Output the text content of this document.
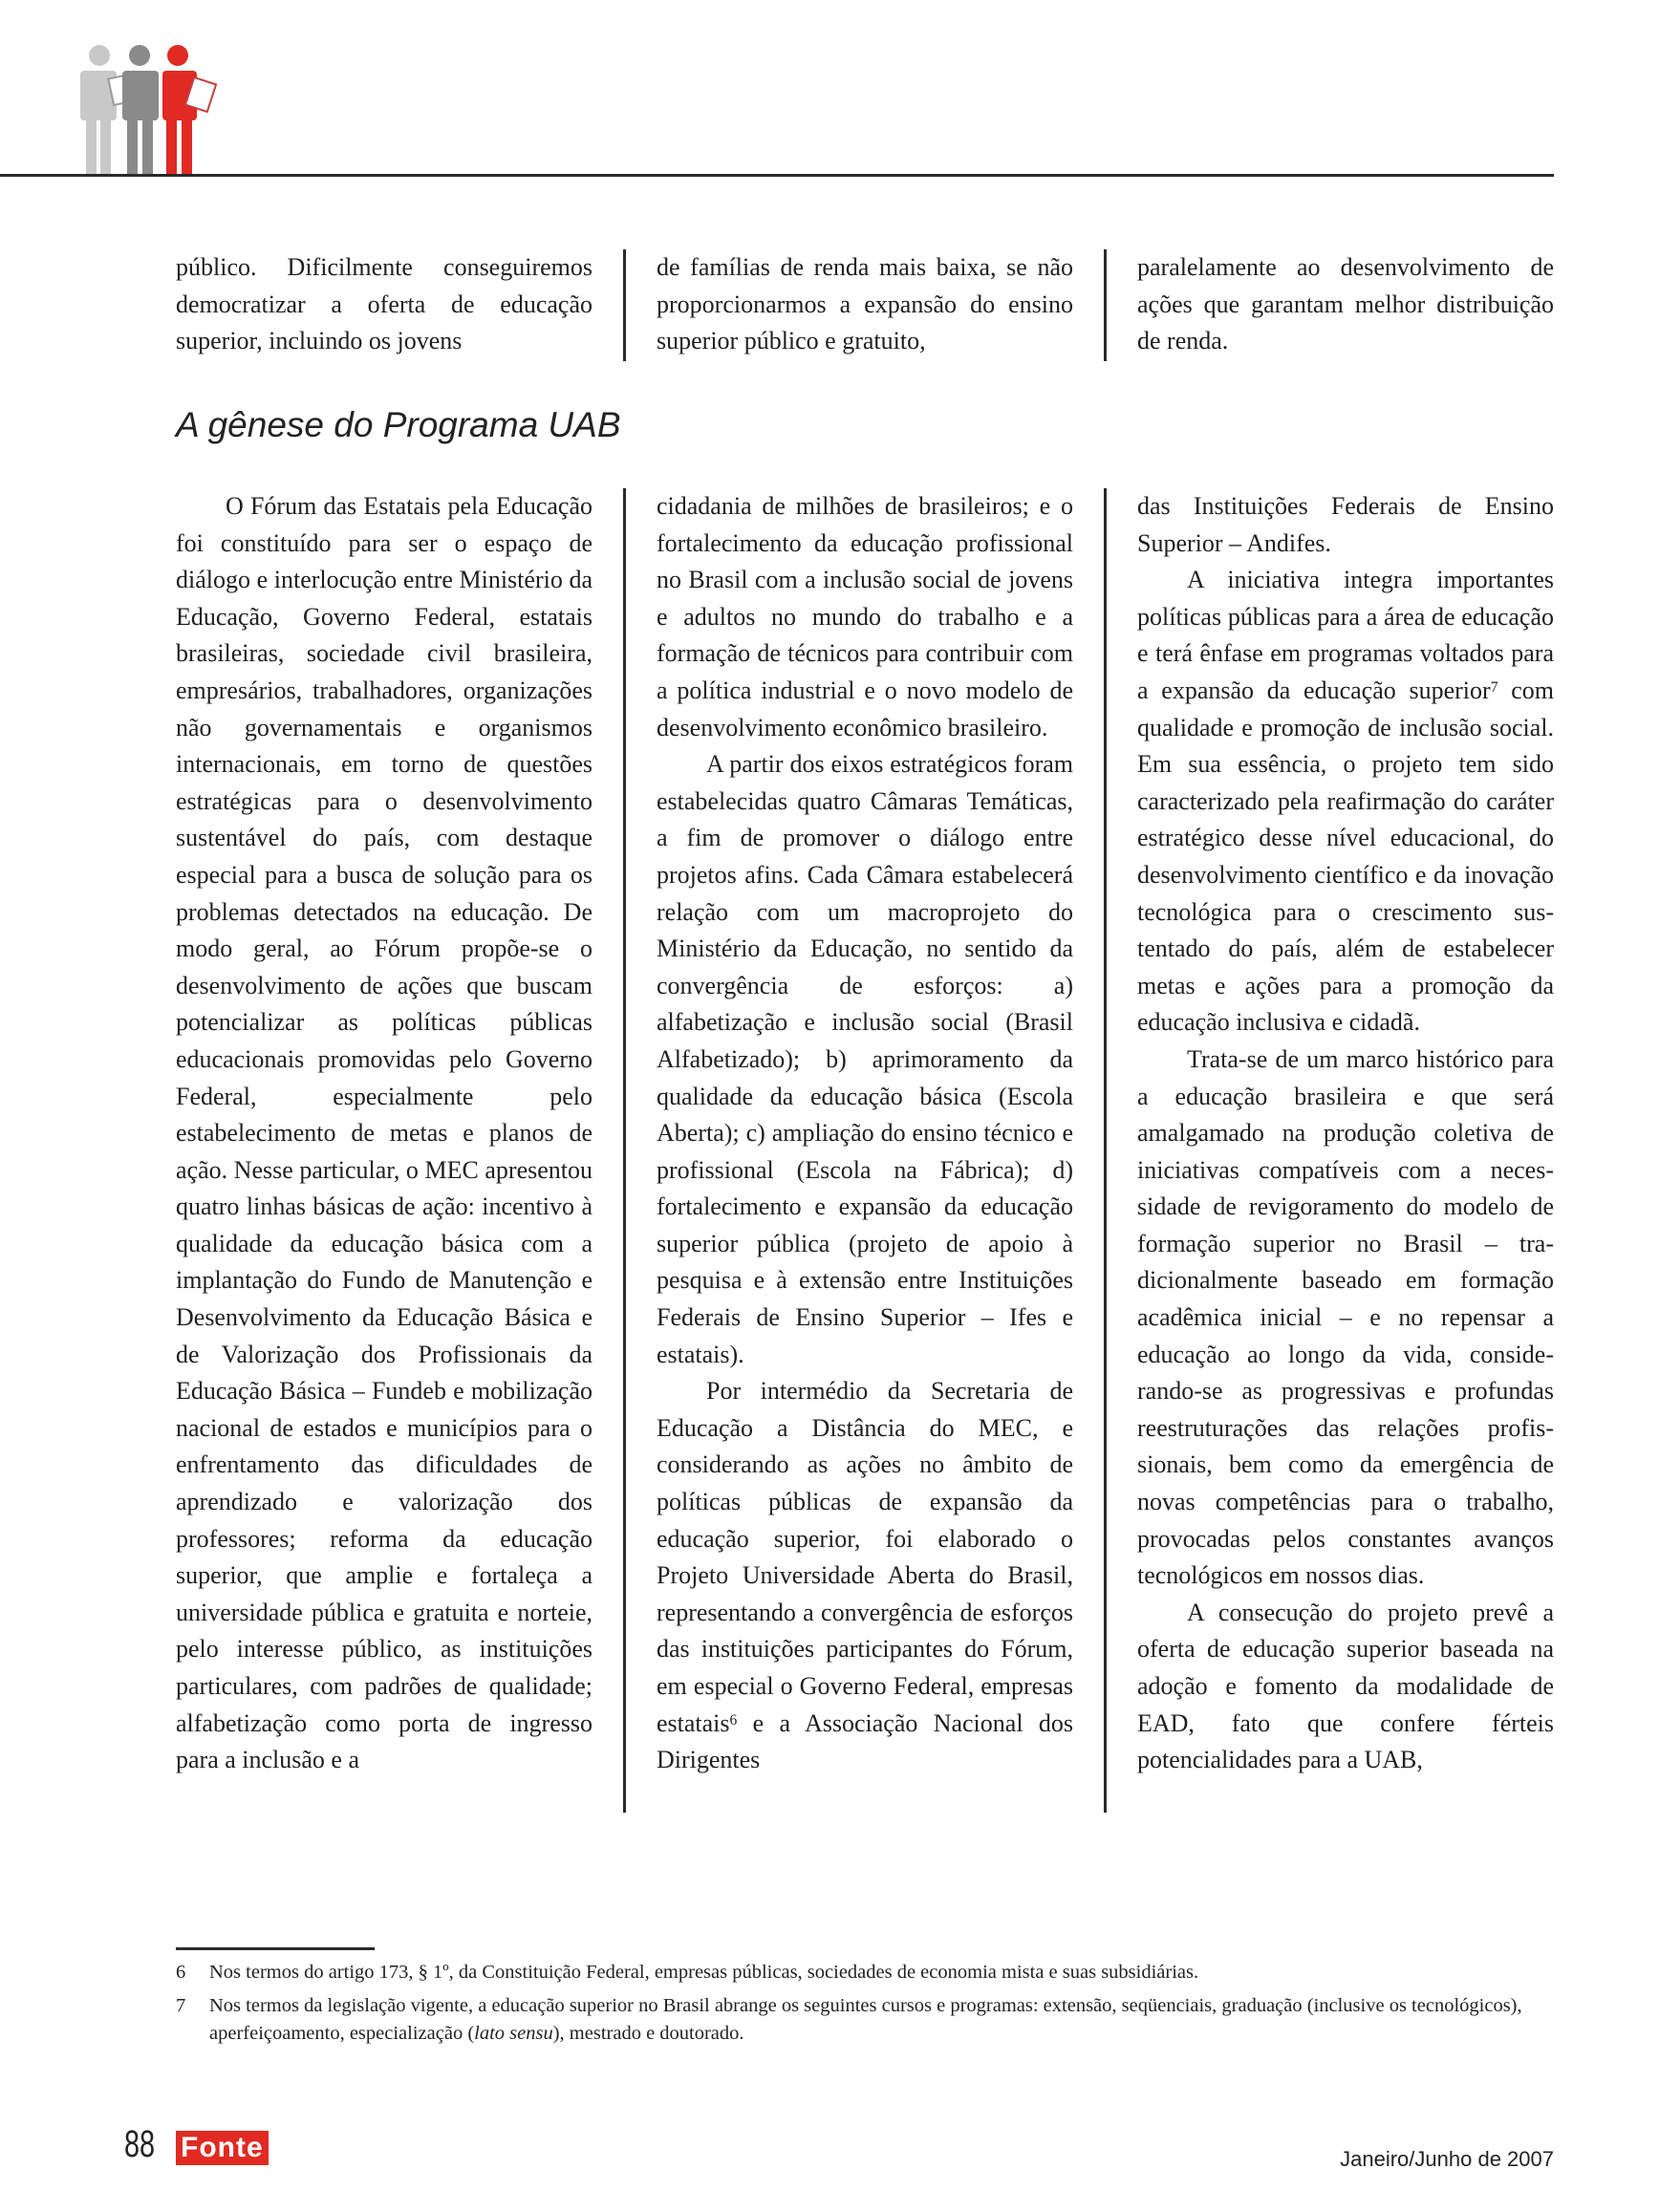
público. Dificilmente conseguiremos democratizar a oferta de educação superior, incluindo os jovens

de famílias de renda mais baixa, se não proporcionarmos a expansão do ensino superior público e gratuito,

paralelamente ao desenvolvimento de ações que garantam melhor distribuição de renda.

A gênese do Programa UAB

O Fórum das Estatais pela Educação foi constituído para ser o espaço de diálogo e interlocução entre Ministério da Educação, Governo Federal, estatais brasileiras, sociedade civil brasileira, empresários, trabalhadores, organizações não governamentais e organismos internacionais, em torno de questões estratégicas para o desenvolvimento sustentável do país, com destaque especial para a busca de solução para os problemas detectados na educação. De modo geral, ao Fórum propõe-se o desenvolvimento de ações que buscam potencializar as políticas públicas educacionais promovidas pelo Governo Federal, especialmente pelo estabelecimento de metas e planos de ação. Nesse particular, o MEC apresentou quatro linhas básicas de ação: incentivo à qualidade da educação básica com a implantação do Fundo de Manutenção e Desenvolvimento da Educação Básica e de Valorização dos Profissionais da Educação Básica – Fundeb e mobilização nacional de estados e municípios para o enfrentamento das dificuldades de aprendizado e valorização dos professores; reforma da educação superior, que amplie e fortaleça a universidade pública e gratuita e norteie, pelo interesse público, as instituições particulares, com padrões de qualidade; alfabetização como porta de ingresso para a inclusão e a

cidadania de milhões de brasileiros; e o fortalecimento da educação profissional no Brasil com a inclusão social de jovens e adultos no mundo do trabalho e a formação de técnicos para contribuir com a política industrial e o novo modelo de desenvolvimento econômico brasileiro.

A partir dos eixos estratégicos foram estabelecidas quatro Câmaras Temáticas, a fim de promover o diálogo entre projetos afins. Cada Câmara estabelecerá relação com um macroprojeto do Ministério da Educação, no sentido da convergência de esforços: a) alfabetização e inclusão social (Brasil Alfabetizado); b) aprimoramento da qualidade da educação básica (Escola Aberta); c) ampliação do ensino técnico e profissional (Escola na Fábrica); d) fortalecimento e expansão da educação superior pública (projeto de apoio à pesquisa e à extensão entre Instituições Federais de Ensino Superior – Ifes e estatais).

Por intermédio da Secretaria de Educação a Distância do MEC, e considerando as ações no âmbito de políticas públicas de expansão da educação superior, foi elaborado o Projeto Universidade Aberta do Brasil, representando a convergência de esforços das instituições participantes do Fórum, em especial o Governo Federal, empresas estatais$^6$ e a Associação Nacional dos Dirigentes

das Instituições Federais de Ensino Superior – Andifes.

A iniciativa integra importantes políticas públicas para a área de educação e terá ênfase em programas voltados para a expansão da educação superior$^7$ com qualidade e promoção de inclusão social. Em sua essência, o projeto tem sido caracterizado pela reafirmação do caráter estratégico desse nível educacional, do desenvolvimento científico e da inovação tecnológica para o crescimento sustentado do país, além de estabelecer metas e ações para a promoção da educação inclusiva e cidadã.

Trata-se de um marco histórico para a educação brasileira e que será amalgamado na produção coletiva de iniciativas compatíveis com a necessidade de revigoramento do modelo de formação superior no Brasil – tradicionalmente baseado em formação acadêmica inicial – e no repensar a educação ao longo da vida, considerando-se as progressivas e profundas reestruturações das relações profissionais, bem como da emergência de novas competências para o trabalho, provocadas pelos constantes avanços tecnológicos em nossos dias.

A consecução do projeto prevê a oferta de educação superior baseada na adoção e fomento da modalidade de EAD, fato que confere férteis potencialidades para a UAB,

6	Nos termos do artigo 173, § 1º, da Constituição Federal, empresas públicas, sociedades de economia mista e suas subsidiárias.
7	Nos termos da legislação vigente, a educação superior no Brasil abrange os seguintes cursos e programas: extensão, seqüenciais, graduação (inclusive os tecnológicos), aperfeiçoamento, especialização (lato sensu), mestrado e doutorado.
88 Fonte	Janeiro/Junho de 2007
